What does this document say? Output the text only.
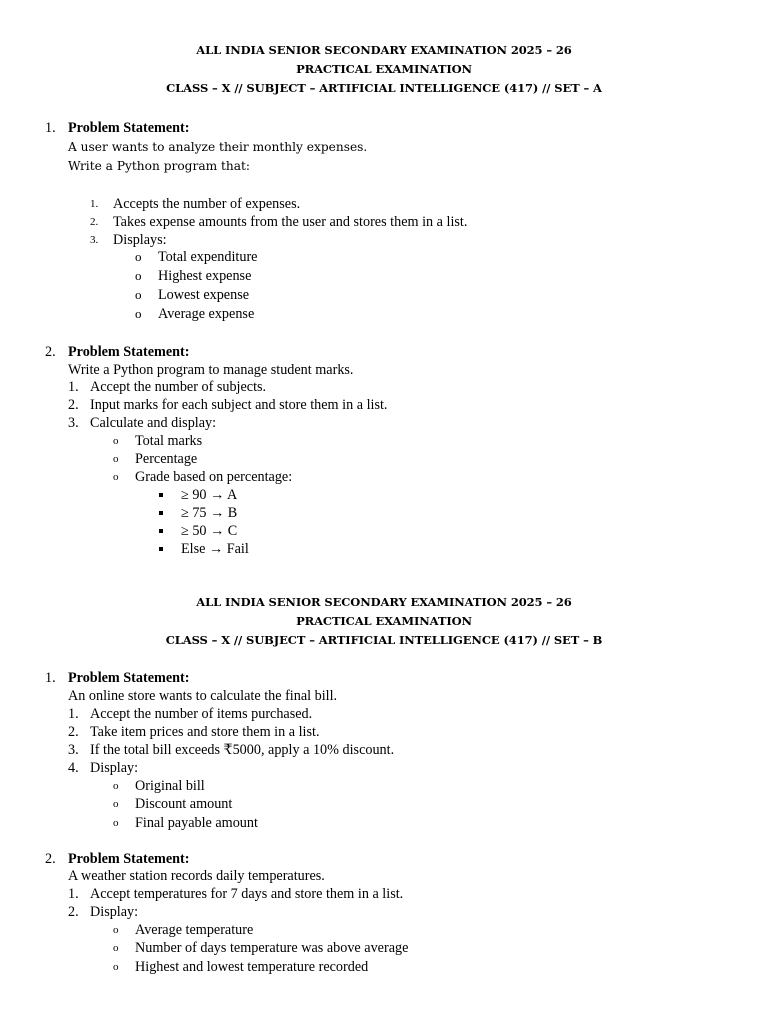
ALL INDIA SENIOR SECONDARY EXAMINATION 2025 – 26
PRACTICAL EXAMINATION
CLASS – X // SUBJECT – ARTIFICIAL INTELLIGENCE (417) // SET – A
1. Problem Statement:
A user wants to analyze their monthly expenses.
Write a Python program that:
1. Accepts the number of expenses.
2. Takes expense amounts from the user and stores them in a list.
3. Displays:
o Total expenditure
o Highest expense
o Lowest expense
o Average expense
2. Problem Statement:
Write a Python program to manage student marks.
1. Accept the number of subjects.
2. Input marks for each subject and store them in a list.
3. Calculate and display:
o Total marks
o Percentage
o Grade based on percentage:
≥ 90 → A
≥ 75 → B
≥ 50 → C
Else → Fail
ALL INDIA SENIOR SECONDARY EXAMINATION 2025 – 26
PRACTICAL EXAMINATION
CLASS – X // SUBJECT – ARTIFICIAL INTELLIGENCE (417) // SET – B
1. Problem Statement:
An online store wants to calculate the final bill.
1. Accept the number of items purchased.
2. Take item prices and store them in a list.
3. If the total bill exceeds ₹5000, apply a 10% discount.
4. Display:
o Original bill
o Discount amount
o Final payable amount
2. Problem Statement:
A weather station records daily temperatures.
1. Accept temperatures for 7 days and store them in a list.
2. Display:
o Average temperature
o Number of days temperature was above average
o Highest and lowest temperature recorded
